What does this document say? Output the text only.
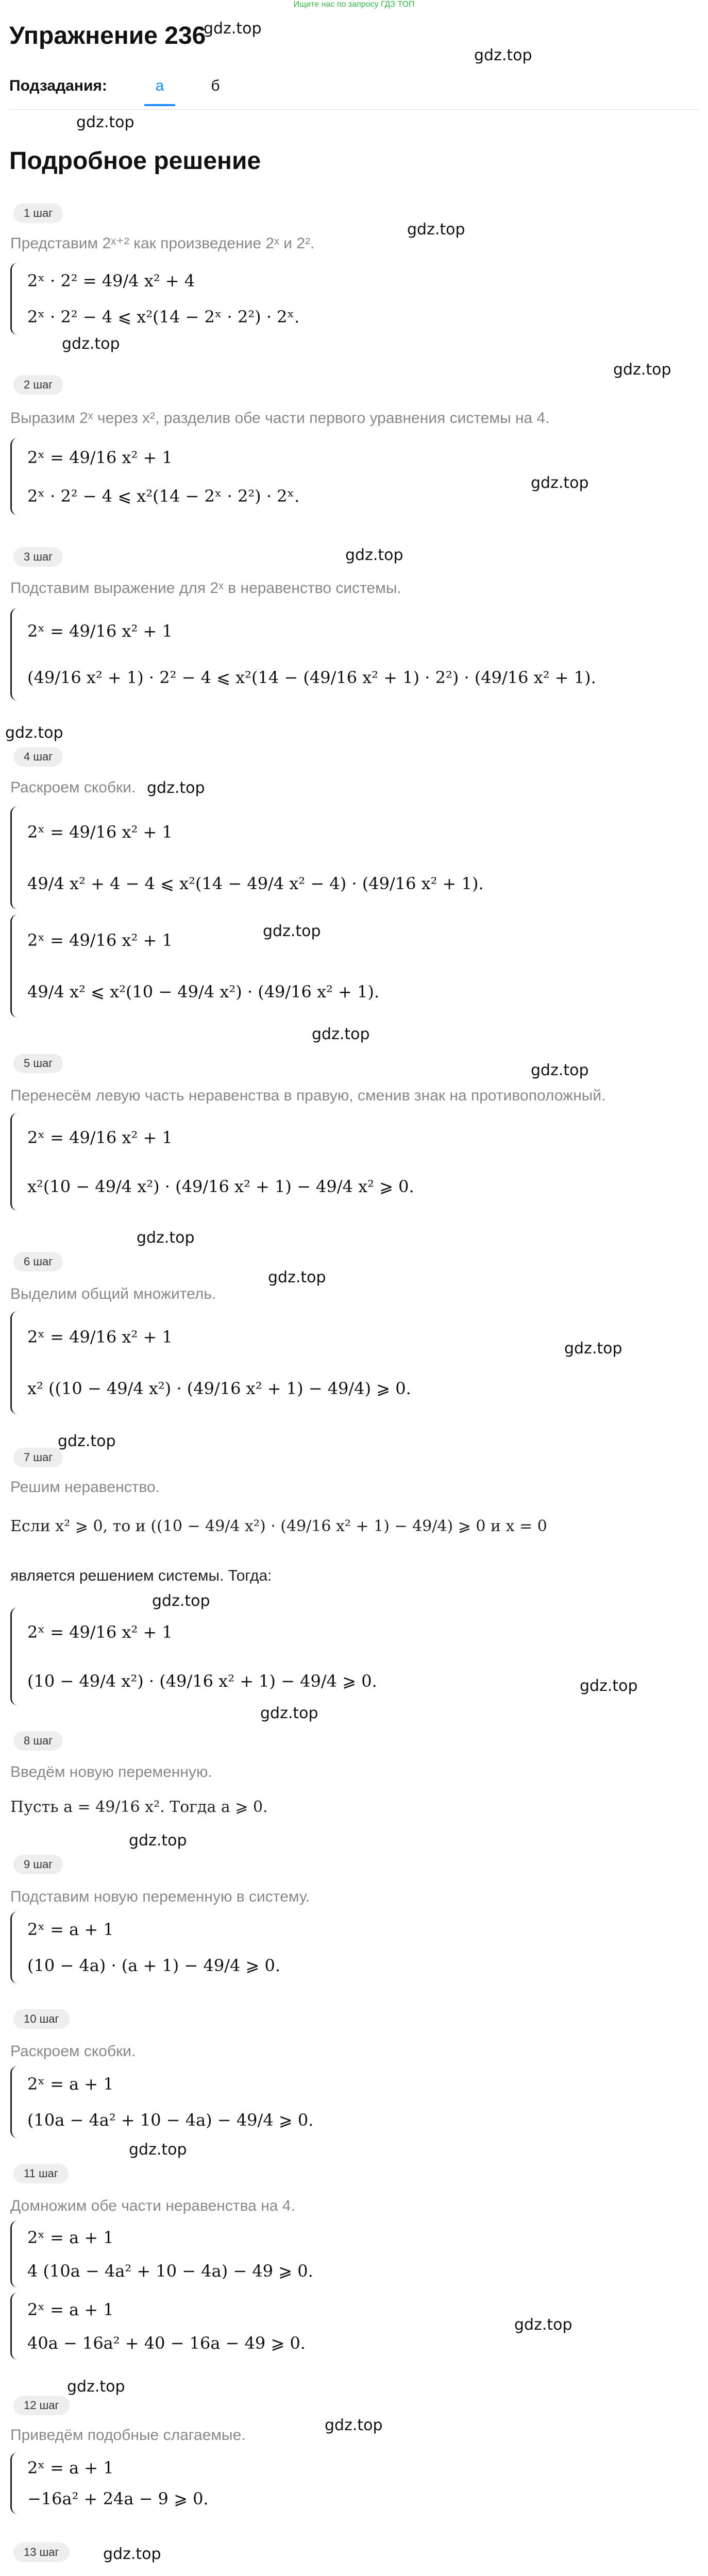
Ищите нас по запросу ГДЗ ТОП
Упражнение 236
gdz.top
gdz.top
Подзадания:	а	б
gdz.top
Подробное решение
1 шаг
Представим 2ˣ⁺² как произведение 2ˣ и 2².
gdz.top
2ˣ · 2² = 49/4 x² + 4
2ˣ · 2² − 4 ⩽ x²(14 − 2ˣ · 2²) · 2ˣ.
gdz.top
gdz.top
2 шаг
Выразим 2ˣ через x², разделив обе части первого уравнения системы на 4.
2ˣ = 49/16 x² + 1
2ˣ · 2² − 4 ⩽ x²(14 − 2ˣ · 2²) · 2ˣ.
gdz.top
3 шаг	gdz.top
Подставим выражение для 2ˣ в неравенство системы.
2ˣ = 49/16 x² + 1
(49/16 x² + 1) · 2² − 4 ⩽ x²(14 − (49/16 x² + 1) · 2²) · (49/16 x² + 1).
gdz.top
4 шаг
Раскроем скобки. gdz.top
2ˣ = 49/16 x² + 1
49/4 x² + 4 − 4 ⩽ x²(14 − 49/4 x² − 4) · (49/16 x² + 1).
2ˣ = 49/16 x² + 1
49/4 x² ⩽ x²(10 − 49/4 x²) · (49/16 x² + 1).
gdz.top
gdz.top
gdz.top
5 шаг
Перенесём левую часть неравенства в правую, сменив знак на противоположный.
2ˣ = 49/16 x² + 1
x²(10 − 49/4 x²) · (49/16 x² + 1) − 49/4 x² ⩾ 0.
gdz.top
6 шаг
gdz.top
Выделим общий множитель.
2ˣ = 49/16 x² + 1
x² ((10 − 49/4 x²) · (49/16 x² + 1) − 49/4) ⩾ 0.
gdz.top
gdz.top
7 шаг
Решим неравенство.
Если x² ⩾ 0, то и ((10 − 49/4 x²) · (49/16 x² + 1) − 49/4) ⩾ 0 и x = 0
является решением системы. Тогда:
gdz.top
2ˣ = 49/16 x² + 1
(10 − 49/4 x²) · (49/16 x² + 1) − 49/4 ⩾ 0.	gdz.top
gdz.top
8 шаг
Введём новую переменную.
Пусть a = 49/16 x². Тогда a ⩾ 0.
gdz.top
9 шаг
Подставим новую переменную в систему.
2ˣ = a + 1
(10 − 4a) · (a + 1) − 49/4 ⩾ 0.
10 шаг
Раскроем скобки.
2ˣ = a + 1
(10a − 4a² + 10 − 4a) − 49/4 ⩾ 0.
gdz.top
11 шаг
Домножим обе части неравенства на 4.
2ˣ = a + 1
4 (10a − 4a² + 10 − 4a) − 49 ⩾ 0.
2ˣ = a + 1
40a − 16a² + 40 − 16a − 49 ⩾ 0.
gdz.top
gdz.top
12 шаг
Приведём подобные слагаемые.
gdz.top
2ˣ = a + 1
−16a² + 24a − 9 ⩾ 0.
13 шаг	gdz.top
